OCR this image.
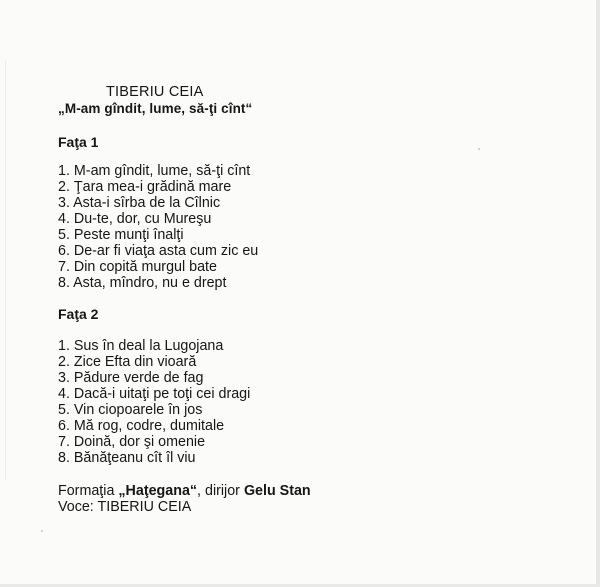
TIBERIU CEIA
„M-am gîndit, lume, să-ţi cînt“
Faţa 1
1. M-am gîndit, lume, să-ţi cînt
2. Ţara mea-i grădină mare
3. Asta-i sîrba de la Cîlnic
4. Du-te, dor, cu Mureşu
5. Peste munţi înalţi
6. De-ar fi viaţa asta cum zic eu
7. Din copită murgul bate
8. Asta, mîndro, nu e drept
Faţa 2
1. Sus în deal la Lugojana
2. Zice Efta din vioară
3. Pădure verde de fag
4. Dacă-i uitaţi pe toţi cei dragi
5. Vin ciopoarele în jos
6. Mă rog, codre, dumitale
7. Doină, dor şi omenie
8. Bănăţeanu cît îl viu
Formaţia „Haţegana“, dirijor Gelu Stan
Voce: TIBERIU CEIA
